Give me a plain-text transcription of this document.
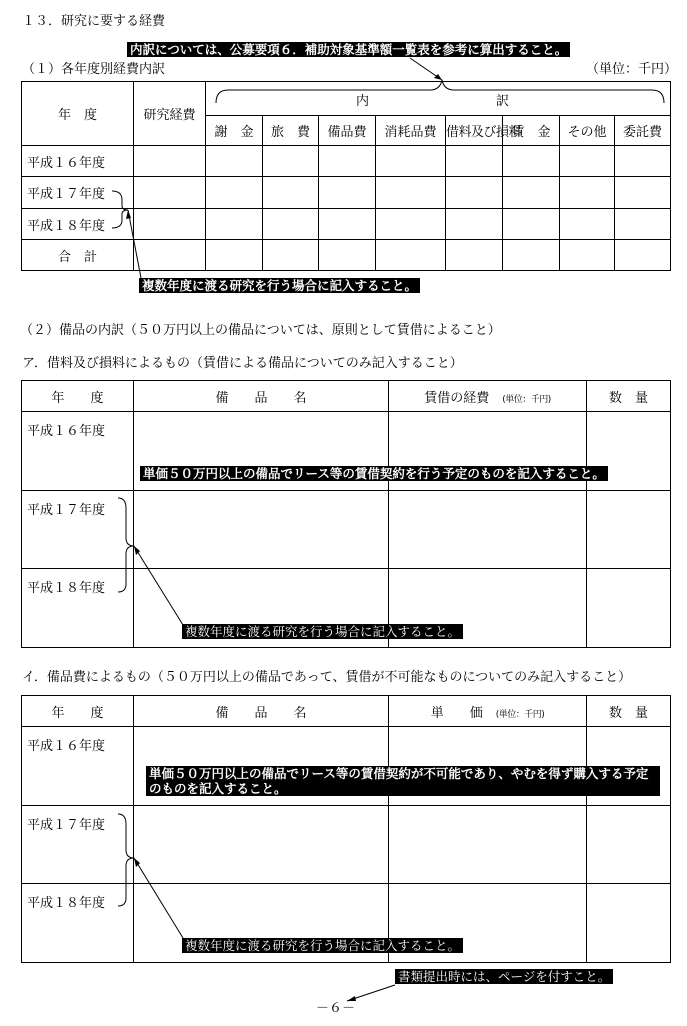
１３．研究に要する経費
内訳については、公募要項６．補助対象基準額一覧表を参考に算出すること。
（１）各年度別経費内訳	（単位：千円）
年　度	研究経費	内 訳							

		謝　金	旅　費	備品費	消耗品費	借料及び損料	賃　金	その他	委託費
平成１６年度									
平成１７年度									
平成１８年度									
合　計									
複数年度に渡る研究を行う場合に記入すること。
（２）備品の内訳（５０万円以上の備品については、原則として賃借によること）
ア．借料及び損料によるもの（賃借による備品についてのみ記入すること）
年　　度	備　　品　　名	賃借の経費　 (単位：千円)	数　量
平成１６年度			
平成１７年度			
平成１８年度			
単価５０万円以上の備品でリース等の賃借契約を行う予定のものを記入すること。
複数年度に渡る研究を行う場合に記入すること。
イ．備品費によるもの（５０万円以上の備品であって、賃借が不可能なものについてのみ記入すること）
年　　度	備　　品　　名	単　　価　 (単位：千円)	数　量
平成１６年度			
平成１７年度			
平成１８年度			
単価５０万円以上の備品でリース等の賃借契約が不可能であり、やむを得ず購入する予定のものを記入すること。
複数年度に渡る研究を行う場合に記入すること。
書類提出時には、ページを付すこと。
－６－
